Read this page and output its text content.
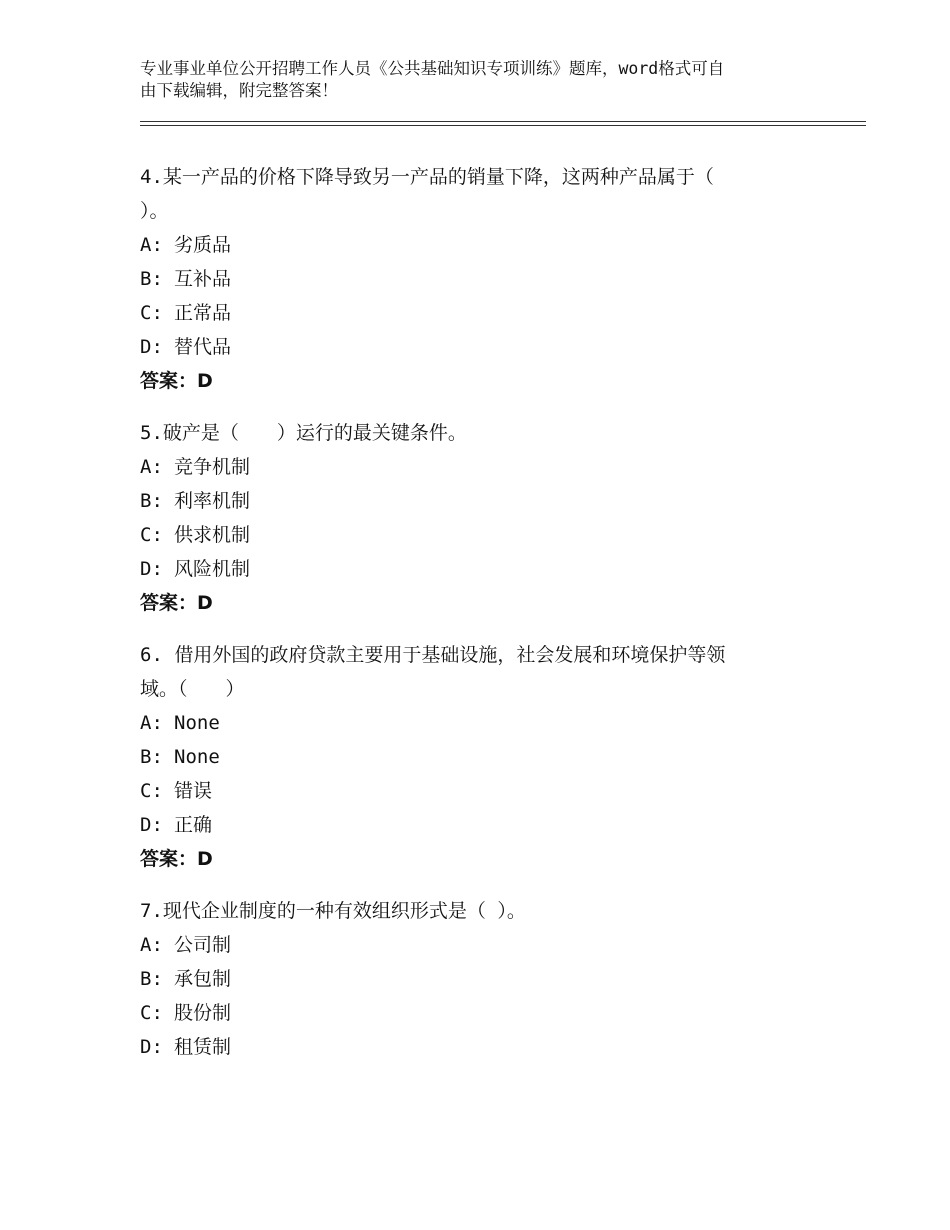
专业事业单位公开招聘工作人员《公共基础知识专项训练》题库，word格式可自
由下载编辑，附完整答案！

4.某一产品的价格下降导致另一产品的销量下降，这两种产品属于（

）。

A: 劣质品

B: 互补品

C: 正常品

D: 替代品

答案：D

5.破产是（　　）运行的最关键条件。

A: 竞争机制

B: 利率机制

C: 供求机制

D: 风险机制

答案：D

6. 借用外国的政府贷款主要用于基础设施，社会发展和环境保护等领

域。（　　）

A: None

B: None

C: 错误

D: 正确

答案：D

7.现代企业制度的一种有效组织形式是（ ）。

A: 公司制

B: 承包制

C: 股份制

D: 租赁制
